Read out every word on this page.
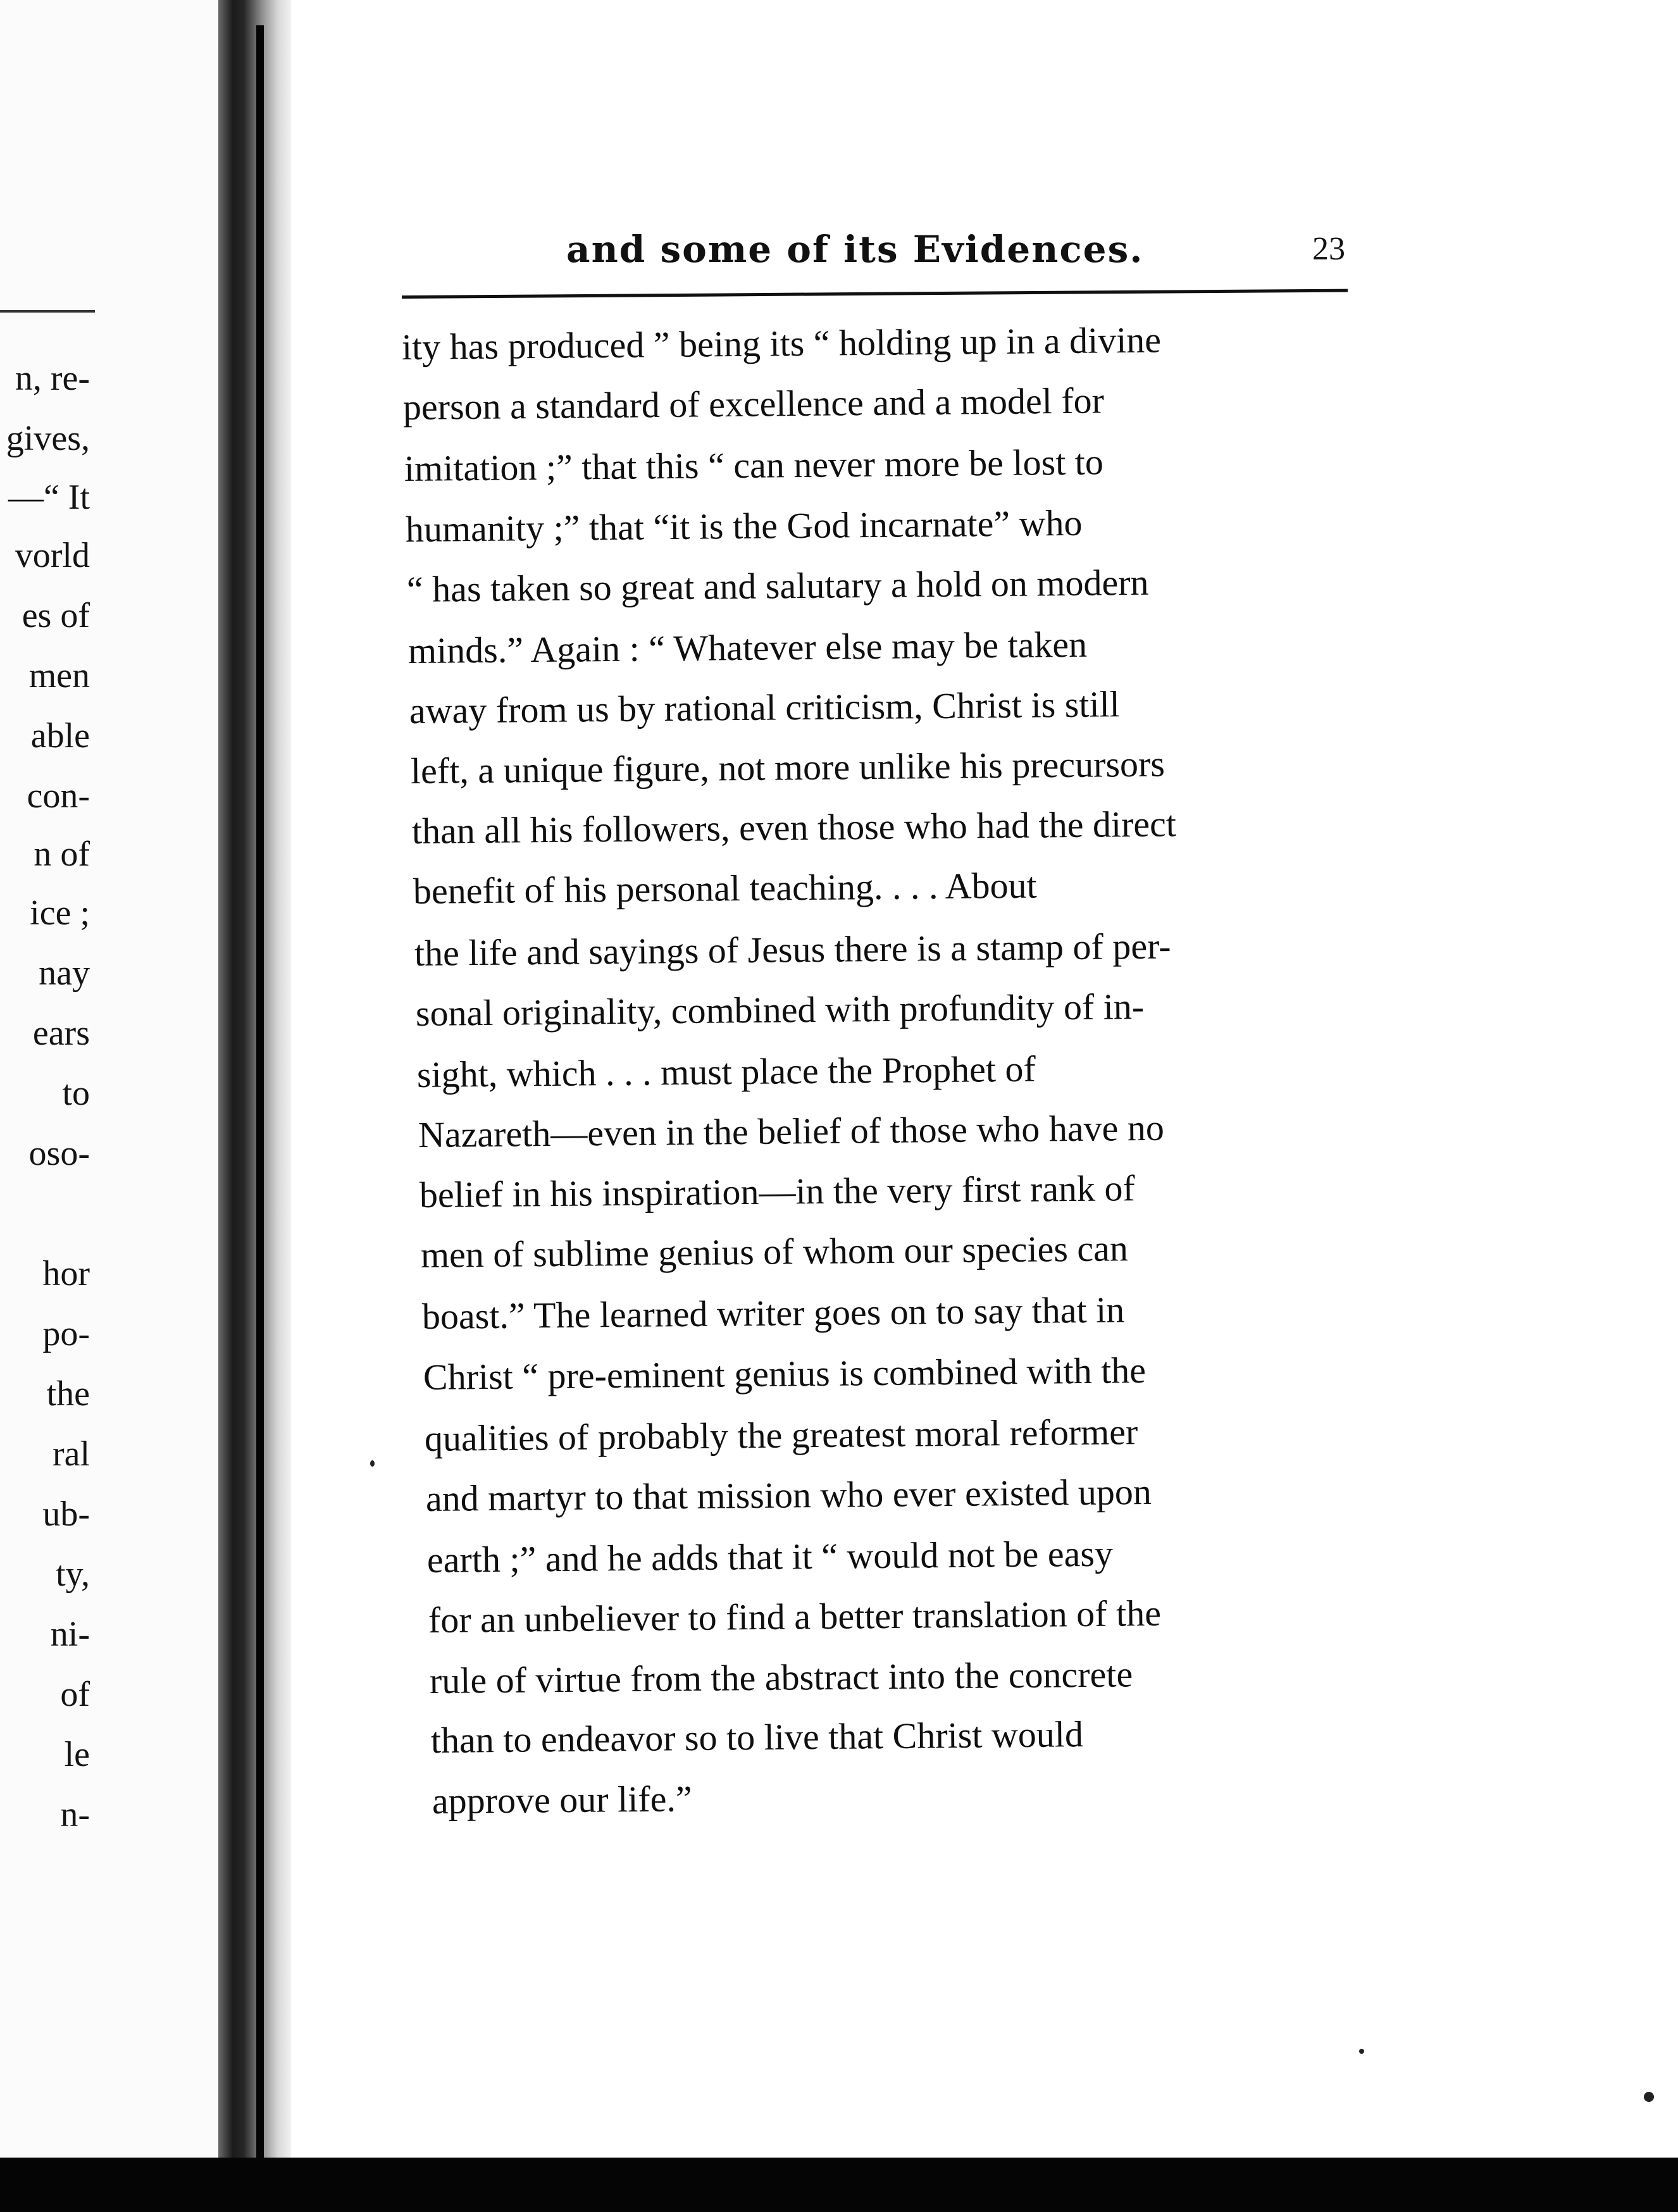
n, re-
gives,
—“ It
vorld
es of
men
able
con-
n of
ice ;
nay
ears
to
oso-
hor
po-
the
ral
ub-
ty,
ni-
of
le
n-
and some of its Evidences.	23
ity has produced ” being its “ holding up in a divine
person a standard of excellence and a model for
imitation ;” that this “ can never more be lost to
humanity ;” that “it is the God incarnate” who
“ has taken so great and salutary a hold on modern
minds.” Again : “ Whatever else may be taken
away from us by rational criticism, Christ is still
left, a unique figure, not more unlike his precursors
than all his followers, even those who had the direct
benefit of his personal teaching. . . . About
the life and sayings of Jesus there is a stamp of per-
sonal originality, combined with profundity of in-
sight, which . . . must place the Prophet of
Nazareth—even in the belief of those who have no
belief in his inspiration—in the very first rank of
men of sublime genius of whom our species can
boast.” The learned writer goes on to say that in
Christ “ pre-eminent genius is combined with the
qualities of probably the greatest moral reformer
and martyr to that mission who ever existed upon
earth ;” and he adds that it “ would not be easy
for an unbeliever to find a better translation of the
rule of virtue from the abstract into the concrete
than to endeavor so to live that Christ would
approve our life.”
